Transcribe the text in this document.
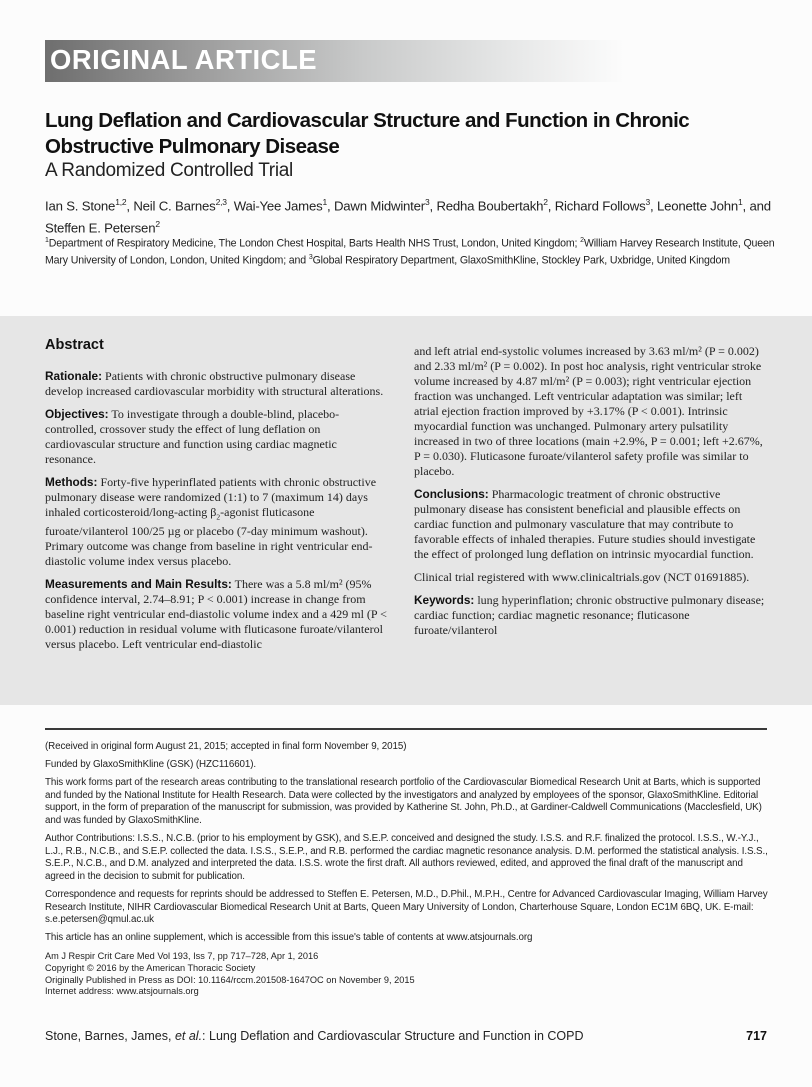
ORIGINAL ARTICLE
Lung Deflation and Cardiovascular Structure and Function in Chronic Obstructive Pulmonary Disease
A Randomized Controlled Trial
Ian S. Stone$^{1,2}$, Neil C. Barnes$^{2,3}$, Wai-Yee James$^1$, Dawn Midwinter$^3$, Redha Boubertakh$^2$, Richard Follows$^3$, Leonette John$^1$, and Steffen E. Petersen$^2$
$^1$Department of Respiratory Medicine, The London Chest Hospital, Barts Health NHS Trust, London, United Kingdom; $^2$William Harvey Research Institute, Queen Mary University of London, London, United Kingdom; and $^3$Global Respiratory Department, GlaxoSmithKline, Stockley Park, Uxbridge, United Kingdom
Abstract

Rationale: Patients with chronic obstructive pulmonary disease develop increased cardiovascular morbidity with structural alterations.

Objectives: To investigate through a double-blind, placebo-controlled, crossover study the effect of lung deflation on cardiovascular structure and function using cardiac magnetic resonance.

Methods: Forty-five hyperinflated patients with chronic obstructive pulmonary disease were randomized (1:1) to 7 (maximum 14) days inhaled corticosteroid/long-acting $\beta_2$-agonist fluticasone furoate/vilanterol 100/25 µg or placebo (7-day minimum washout). Primary outcome was change from baseline in right ventricular end-diastolic volume index versus placebo.

Measurements and Main Results: There was a 5.8 ml/m² (95% confidence interval, 2.74–8.91; P < 0.001) increase in change from baseline right ventricular end-diastolic volume index and a 429 ml (P < 0.001) reduction in residual volume with fluticasone furoate/vilanterol versus placebo. Left ventricular end-diastolic

and left atrial end-systolic volumes increased by 3.63 ml/m² (P = 0.002) and 2.33 ml/m² (P = 0.002). In post hoc analysis, right ventricular stroke volume increased by 4.87 ml/m² (P = 0.003); right ventricular ejection fraction was unchanged. Left ventricular adaptation was similar; left atrial ejection fraction improved by +3.17% (P < 0.001). Intrinsic myocardial function was unchanged. Pulmonary artery pulsatility increased in two of three locations (main +2.9%, P = 0.001; left +2.67%, P = 0.030). Fluticasone furoate/vilanterol safety profile was similar to placebo.

Conclusions: Pharmacologic treatment of chronic obstructive pulmonary disease has consistent beneficial and plausible effects on cardiac function and pulmonary vasculature that may contribute to favorable effects of inhaled therapies. Future studies should investigate the effect of prolonged lung deflation on intrinsic myocardial function.

Clinical trial registered with www.clinicaltrials.gov (NCT 01691885).

Keywords: lung hyperinflation; chronic obstructive pulmonary disease; cardiac function; cardiac magnetic resonance; fluticasone furoate/vilanterol

(Received in original form August 21, 2015; accepted in final form November 9, 2015)

Funded by GlaxoSmithKline (GSK) (HZC116601).

This work forms part of the research areas contributing to the translational research portfolio of the Cardiovascular Biomedical Research Unit at Barts, which is supported and funded by the National Institute for Health Research. Data were collected by the investigators and analyzed by employees of the sponsor, GlaxoSmithKline. Editorial support, in the form of preparation of the manuscript for submission, was provided by Katherine St. John, Ph.D., at Gardiner-Caldwell Communications (Macclesfield, UK) and was funded by GlaxoSmithKline.

Author Contributions: I.S.S., N.C.B. (prior to his employment by GSK), and S.E.P. conceived and designed the study. I.S.S. and R.F. finalized the protocol. I.S.S., W.-Y.J., L.J., R.B., N.C.B., and S.E.P. collected the data. I.S.S., S.E.P., and R.B. performed the cardiac magnetic resonance analysis. D.M. performed the statistical analysis. I.S.S., S.E.P., N.C.B., and D.M. analyzed and interpreted the data. I.S.S. wrote the first draft. All authors reviewed, edited, and approved the final draft of the manuscript and agreed in the decision to submit for publication.

Correspondence and requests for reprints should be addressed to Steffen E. Petersen, M.D., D.Phil., M.P.H., Centre for Advanced Cardiovascular Imaging, William Harvey Research Institute, NIHR Cardiovascular Biomedical Research Unit at Barts, Queen Mary University of London, Charterhouse Square, London EC1M 6BQ, UK. E-mail: s.e.petersen@qmul.ac.uk

This article has an online supplement, which is accessible from this issue's table of contents at www.atsjournals.org

Am J Respir Crit Care Med Vol 193, Iss 7, pp 717–728, Apr 1, 2016
Copyright © 2016 by the American Thoracic Society
Originally Published in Press as DOI: 10.1164/rccm.201508-1647OC on November 9, 2015
Internet address: www.atsjournals.org
Stone, Barnes, James, et al.: Lung Deflation and Cardiovascular Structure and Function in COPD	717
